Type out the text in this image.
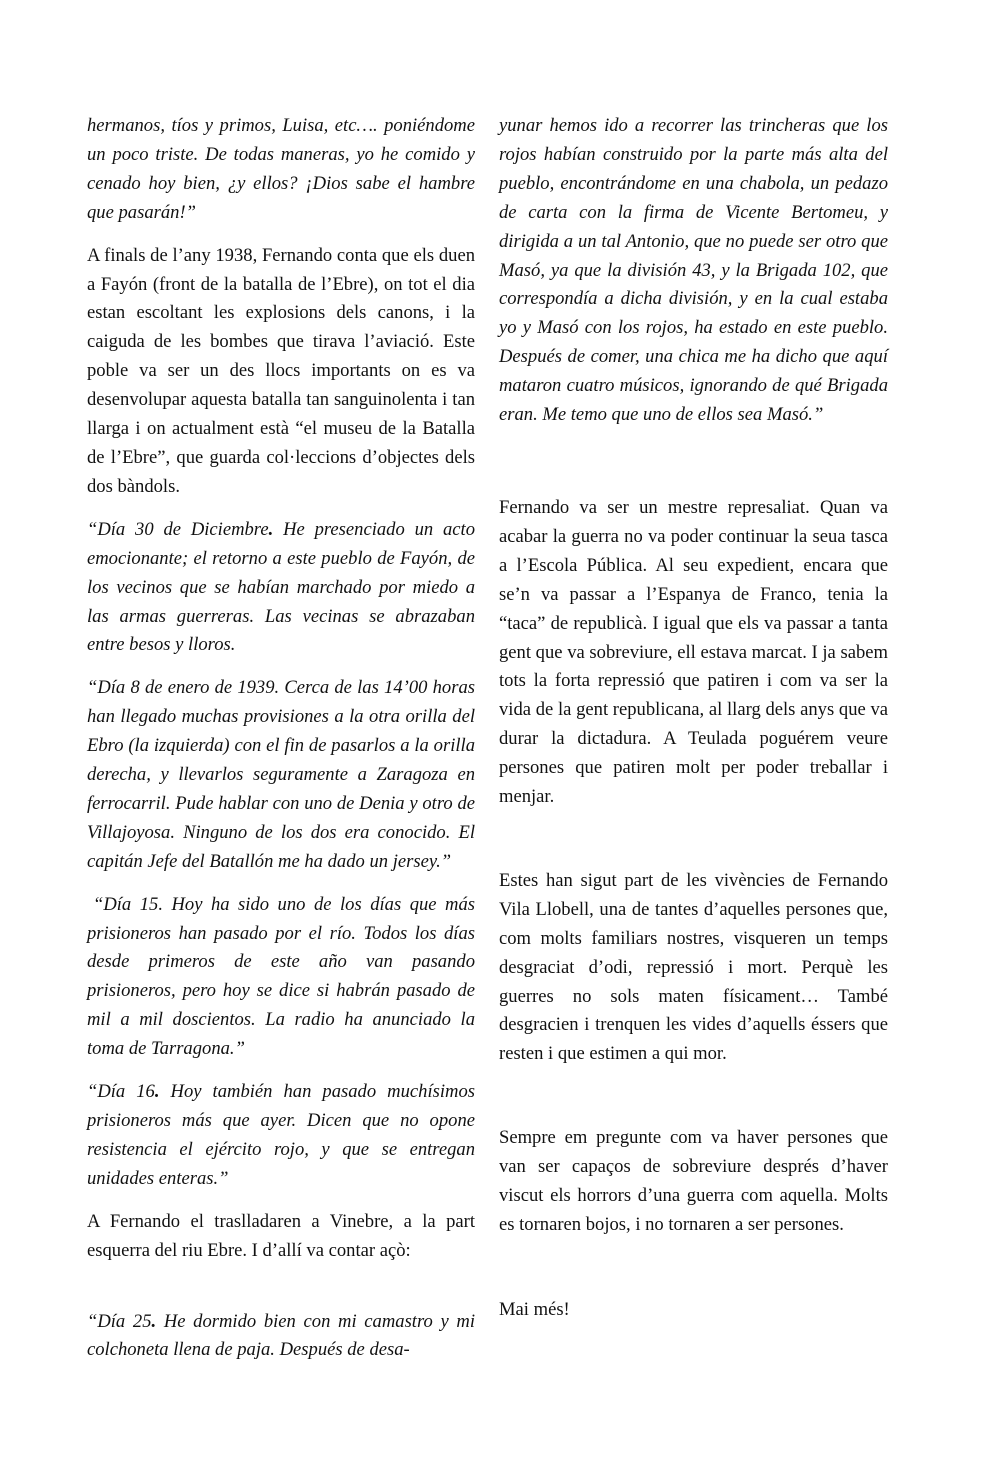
hermanos, tíos y primos, Luisa, etc…. poniéndome un poco triste. De todas maneras, yo he comido y cenado hoy bien, ¿y ellos? ¡Dios sabe el hambre que pasarán!”

A finals de l’any 1938, Fernando conta que els duen a Fayón (front de la batalla de l’Ebre), on tot el dia estan escoltant les explosions dels canons, i la caiguda de les bombes que tirava l’aviació. Este poble va ser un des llocs importants on es va desenvolupar aquesta batalla tan sanguinolenta i tan llarga i on actualment està “el museu de la Batalla de l’Ebre”, que guarda col·leccions d’objectes dels dos bàndols.

“Día 30 de Diciembre. He presenciado un acto emocionante; el retorno a este pueblo de Fayón, de los vecinos que se habían marchado por miedo a las armas guerreras. Las vecinas se abrazaban entre besos y lloros.

“Día 8 de enero de 1939. Cerca de las 14’00 horas han llegado muchas provisiones a la otra orilla del Ebro (la izquierda) con el fin de pasarlos a la orilla derecha, y llevarlos seguramente a Zaragoza en ferrocarril. Pude hablar con uno de Denia y otro de Villajoyosa. Ninguno de los dos era conocido. El capitán Jefe del Batallón me ha dado un jersey.”

“Día 15. Hoy ha sido uno de los días que más prisioneros han pasado por el río. Todos los días desde primeros de este año van pasando prisioneros, pero hoy se dice si habrán pasado de mil a mil doscientos. La radio ha anunciado la toma de Tarragona.”

“Día 16. Hoy también han pasado muchísimos prisioneros más que ayer. Dicen que no opone resistencia el ejército rojo, y que se entregan unidades enteras.”

A Fernando el traslladaren a Vinebre, a la part esquerra del riu Ebre. I d’allí va contar açò:

“Día 25. He dormido bien con mi camastro y mi colchoneta llena de paja. Después de desa-

yunar hemos ido a recorrer las trincheras que los rojos habían construido por la parte más alta del pueblo, encontrándome en una chabola, un pedazo de carta con la firma de Vicente Bertomeu, y dirigida a un tal Antonio, que no puede ser otro que Masó, ya que la división 43, y la Brigada 102, que correspondía a dicha división, y en la cual estaba yo y Masó con los rojos, ha estado en este pueblo. Después de comer, una chica me ha dicho que aquí mataron cuatro músicos, ignorando de qué Brigada eran. Me temo que uno de ellos sea Masó.”

Fernando va ser un mestre represaliat. Quan va acabar la guerra no va poder continuar la seua tasca a l’Escola Pública. Al seu expedient, encara que se’n va passar a l’Espanya de Franco, tenia la “taca” de republicà. I igual que els va passar a tanta gent que va sobreviure, ell estava marcat. I ja sabem tots la forta repressió que patiren i com va ser la vida de la gent republicana, al llarg dels anys que va durar la dictadura. A Teulada poguérem veure persones que patiren molt per poder treballar i menjar.

Estes han sigut part de les vivències de Fernando Vila Llobell, una de tantes d’aquelles persones que, com molts familiars nostres, visqueren un temps desgraciat d’odi, repressió i mort. Perquè les guerres no sols maten físicament… També desgracien i trenquen les vides d’aquells éssers que resten i que estimen a qui mor.

Sempre em pregunte com va haver persones que van ser capaços de sobreviure després d’haver viscut els horrors d’una guerra com aquella. Molts es tornaren bojos, i no tornaren a ser persones.

Mai més!
